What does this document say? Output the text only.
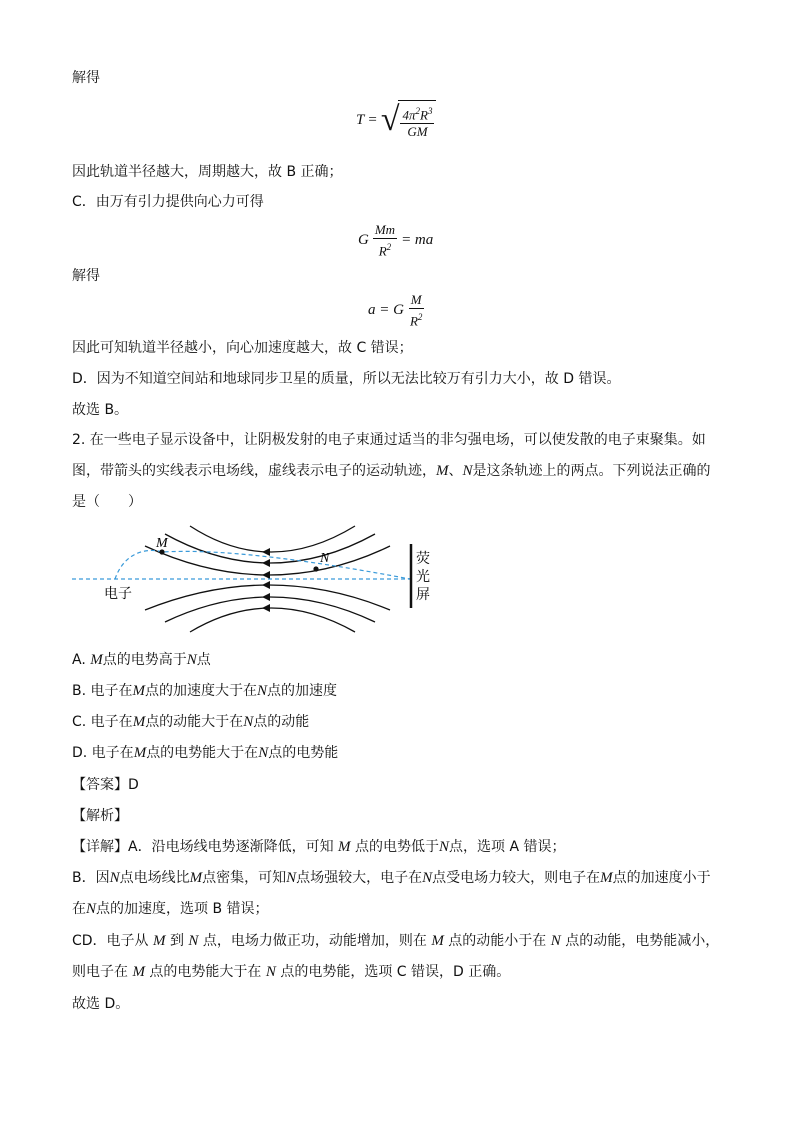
解得
T = √ $\frac{4\pi^2R^3}{GM}$
因此轨道半径越大，周期越大，故 B 正确；
C．由万有引力提供向心力可得
G $\frac{Mm}{R^2}$ = ma
解得
a = G $\frac{M}{R^2}$
因此可知轨道半径越小，向心加速度越大，故 C 错误；
D．因为不知道空间站和地球同步卫星的质量，所以无法比较万有引力大小，故 D 错误。
故选 B。
2. 在一些电子显示设备中，让阴极发射的电子束通过适当的非匀强电场，可以使发散的电子束聚集。如图，带箭头的实线表示电场线，虚线表示电子的运动轨迹，M、N是这条轨迹上的两点。下列说法正确的是（　　）
M
N
电子
荧
光
屏
A. M点的电势高于N点
B. 电子在M点的加速度大于在N点的加速度
C. 电子在M点的动能大于在N点的动能
D. 电子在M点的电势能大于在N点的电势能
【答案】D
【解析】
【详解】A．沿电场线电势逐渐降低，可知 M 点的电势低于N点，选项 A 错误；
B．因N点电场线比M点密集，可知N点场强较大，电子在N点受电场力较大，则电子在M点的加速度小于在N点的加速度，选项 B 错误；
CD．电子从 M 到 N 点，电场力做正功，动能增加，则在 M 点的动能小于在 N 点的动能，电势能减小，则电子在 M 点的电势能大于在 N 点的电势能，选项 C 错误，D 正确。
故选 D。
